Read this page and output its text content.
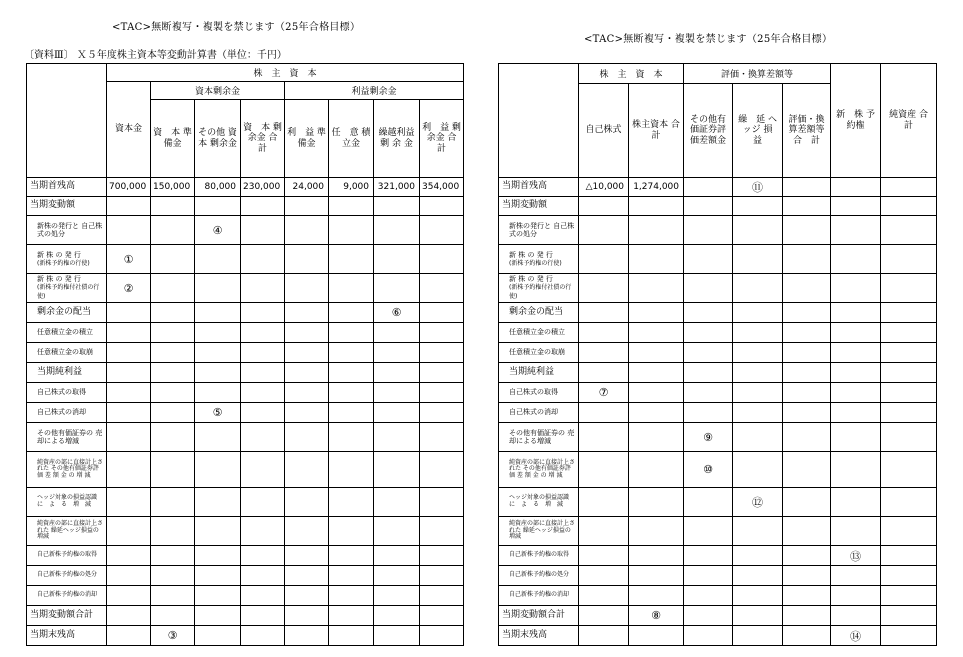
<TAC>無断複写・複製を禁じます（25年合格目標）
<TAC>無断複写・複製を禁じます（25年合格目標）
〔資料Ⅲ〕 Ｘ５年度株主資本等変動計算書（単位：千円）
	株　主　資　本							
	資本金	資本剰余金			利益剰余金			
		資　本 準備金	その他 資　本 剰余金	資　本 剰余金 合　計	利　益 準備金	任　意 積立金	繰越利益 剰 余 金	利　益 剰余金 合　計
当期首残高	700,000	150,000	80,000	230,000	24,000	9,000	321,000	354,000
当期変動額								
新株の発行と 自己株式の処分			④					
新 株 の 発 行
(新株予約権の行使)	①							
新 株 の 発 行
(新株予約権付社債の行使)	②							
剰余金の配当							⑥	
任意積立金の積立								
任意積立金の取崩								
当期純利益								
自己株式の取得								
自己株式の消却			⑤					
その他有価証券の 売却による増減								
純資産の部に直接計上された その他有価証券評価 差 額 金 の 増 減								
ヘッジ対象の損益認識 に　よ　る　増　減								
純資産の部に直接計上された 繰延ヘッジ損益の増減								
自己新株予約権の取得								
自己新株予約権の処分								
自己新株予約権の消却								
当期変動額合計								
当期末残高		③						
	株　主　資　本		評価・換算差額等			新　株 予約権	純資産 合　計
	自己株式	株主資本 合　計	その他有 価証券評 価差額金	繰　延 ヘッジ 損　益	評価・換 算差額等 合　計		
当期首残高	△10,000	1,274,000		⑪			
当期変動額							
新株の発行と 自己株式の処分							
新 株 の 発 行
(新株予約権の行使)							
新 株 の 発 行
(新株予約権付社債の行使)							
剰余金の配当							
任意積立金の積立							
任意積立金の取崩							
当期純利益							
自己株式の取得	⑦						
自己株式の消却							
その他有価証券の 売却による増減			⑨				
純資産の部に直接計上された その他有価証券評価 差 額 金 の 増 減			⑩				
ヘッジ対象の損益認識 に　よ　る　増　減				⑫			
純資産の部に直接計上された 繰延ヘッジ損益の増減							
自己新株予約権の取得						⑬	
自己新株予約権の処分							
自己新株予約権の消却							
当期変動額合計		⑧					
当期末残高						⑭	
